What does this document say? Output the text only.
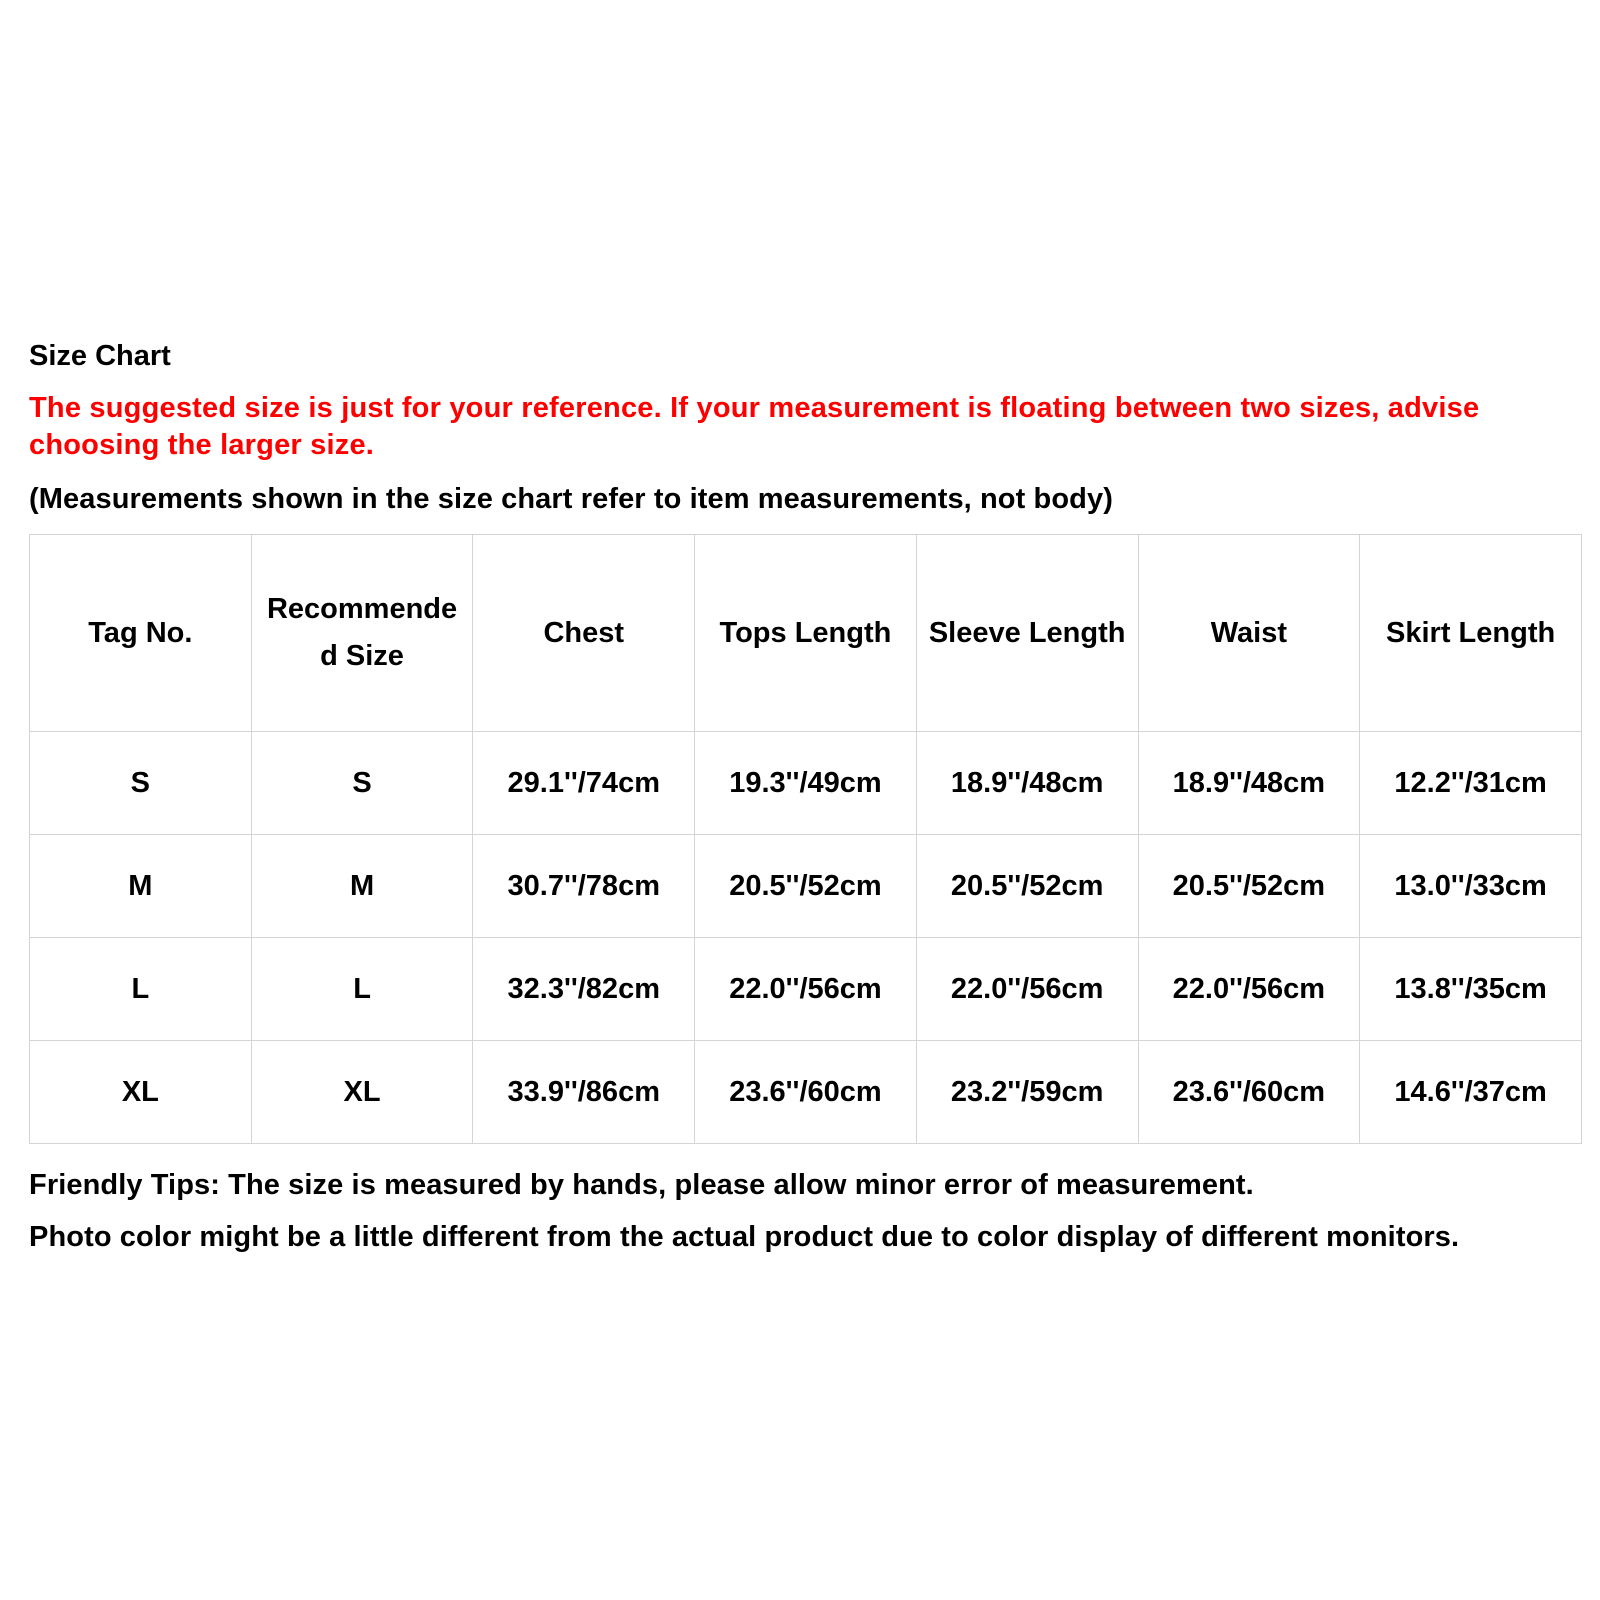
Size Chart
The suggested size is just for your reference. If your measurement is floating between two sizes, advise choosing the larger size.
(Measurements shown in the size chart refer to item measurements, not body)
Tag No.	Recommended Size	Chest	Tops Length	Sleeve Length	Waist	Skirt Length
S	S	29.1''/74cm	19.3''/49cm	18.9''/48cm	18.9''/48cm	12.2''/31cm
M	M	30.7''/78cm	20.5''/52cm	20.5''/52cm	20.5''/52cm	13.0''/33cm
L	L	32.3''/82cm	22.0''/56cm	22.0''/56cm	22.0''/56cm	13.8''/35cm
XL	XL	33.9''/86cm	23.6''/60cm	23.2''/59cm	23.6''/60cm	14.6''/37cm
Friendly Tips: The size is measured by hands, please allow minor error of measurement.
Photo color might be a little different from the actual product due to color display of different monitors.
